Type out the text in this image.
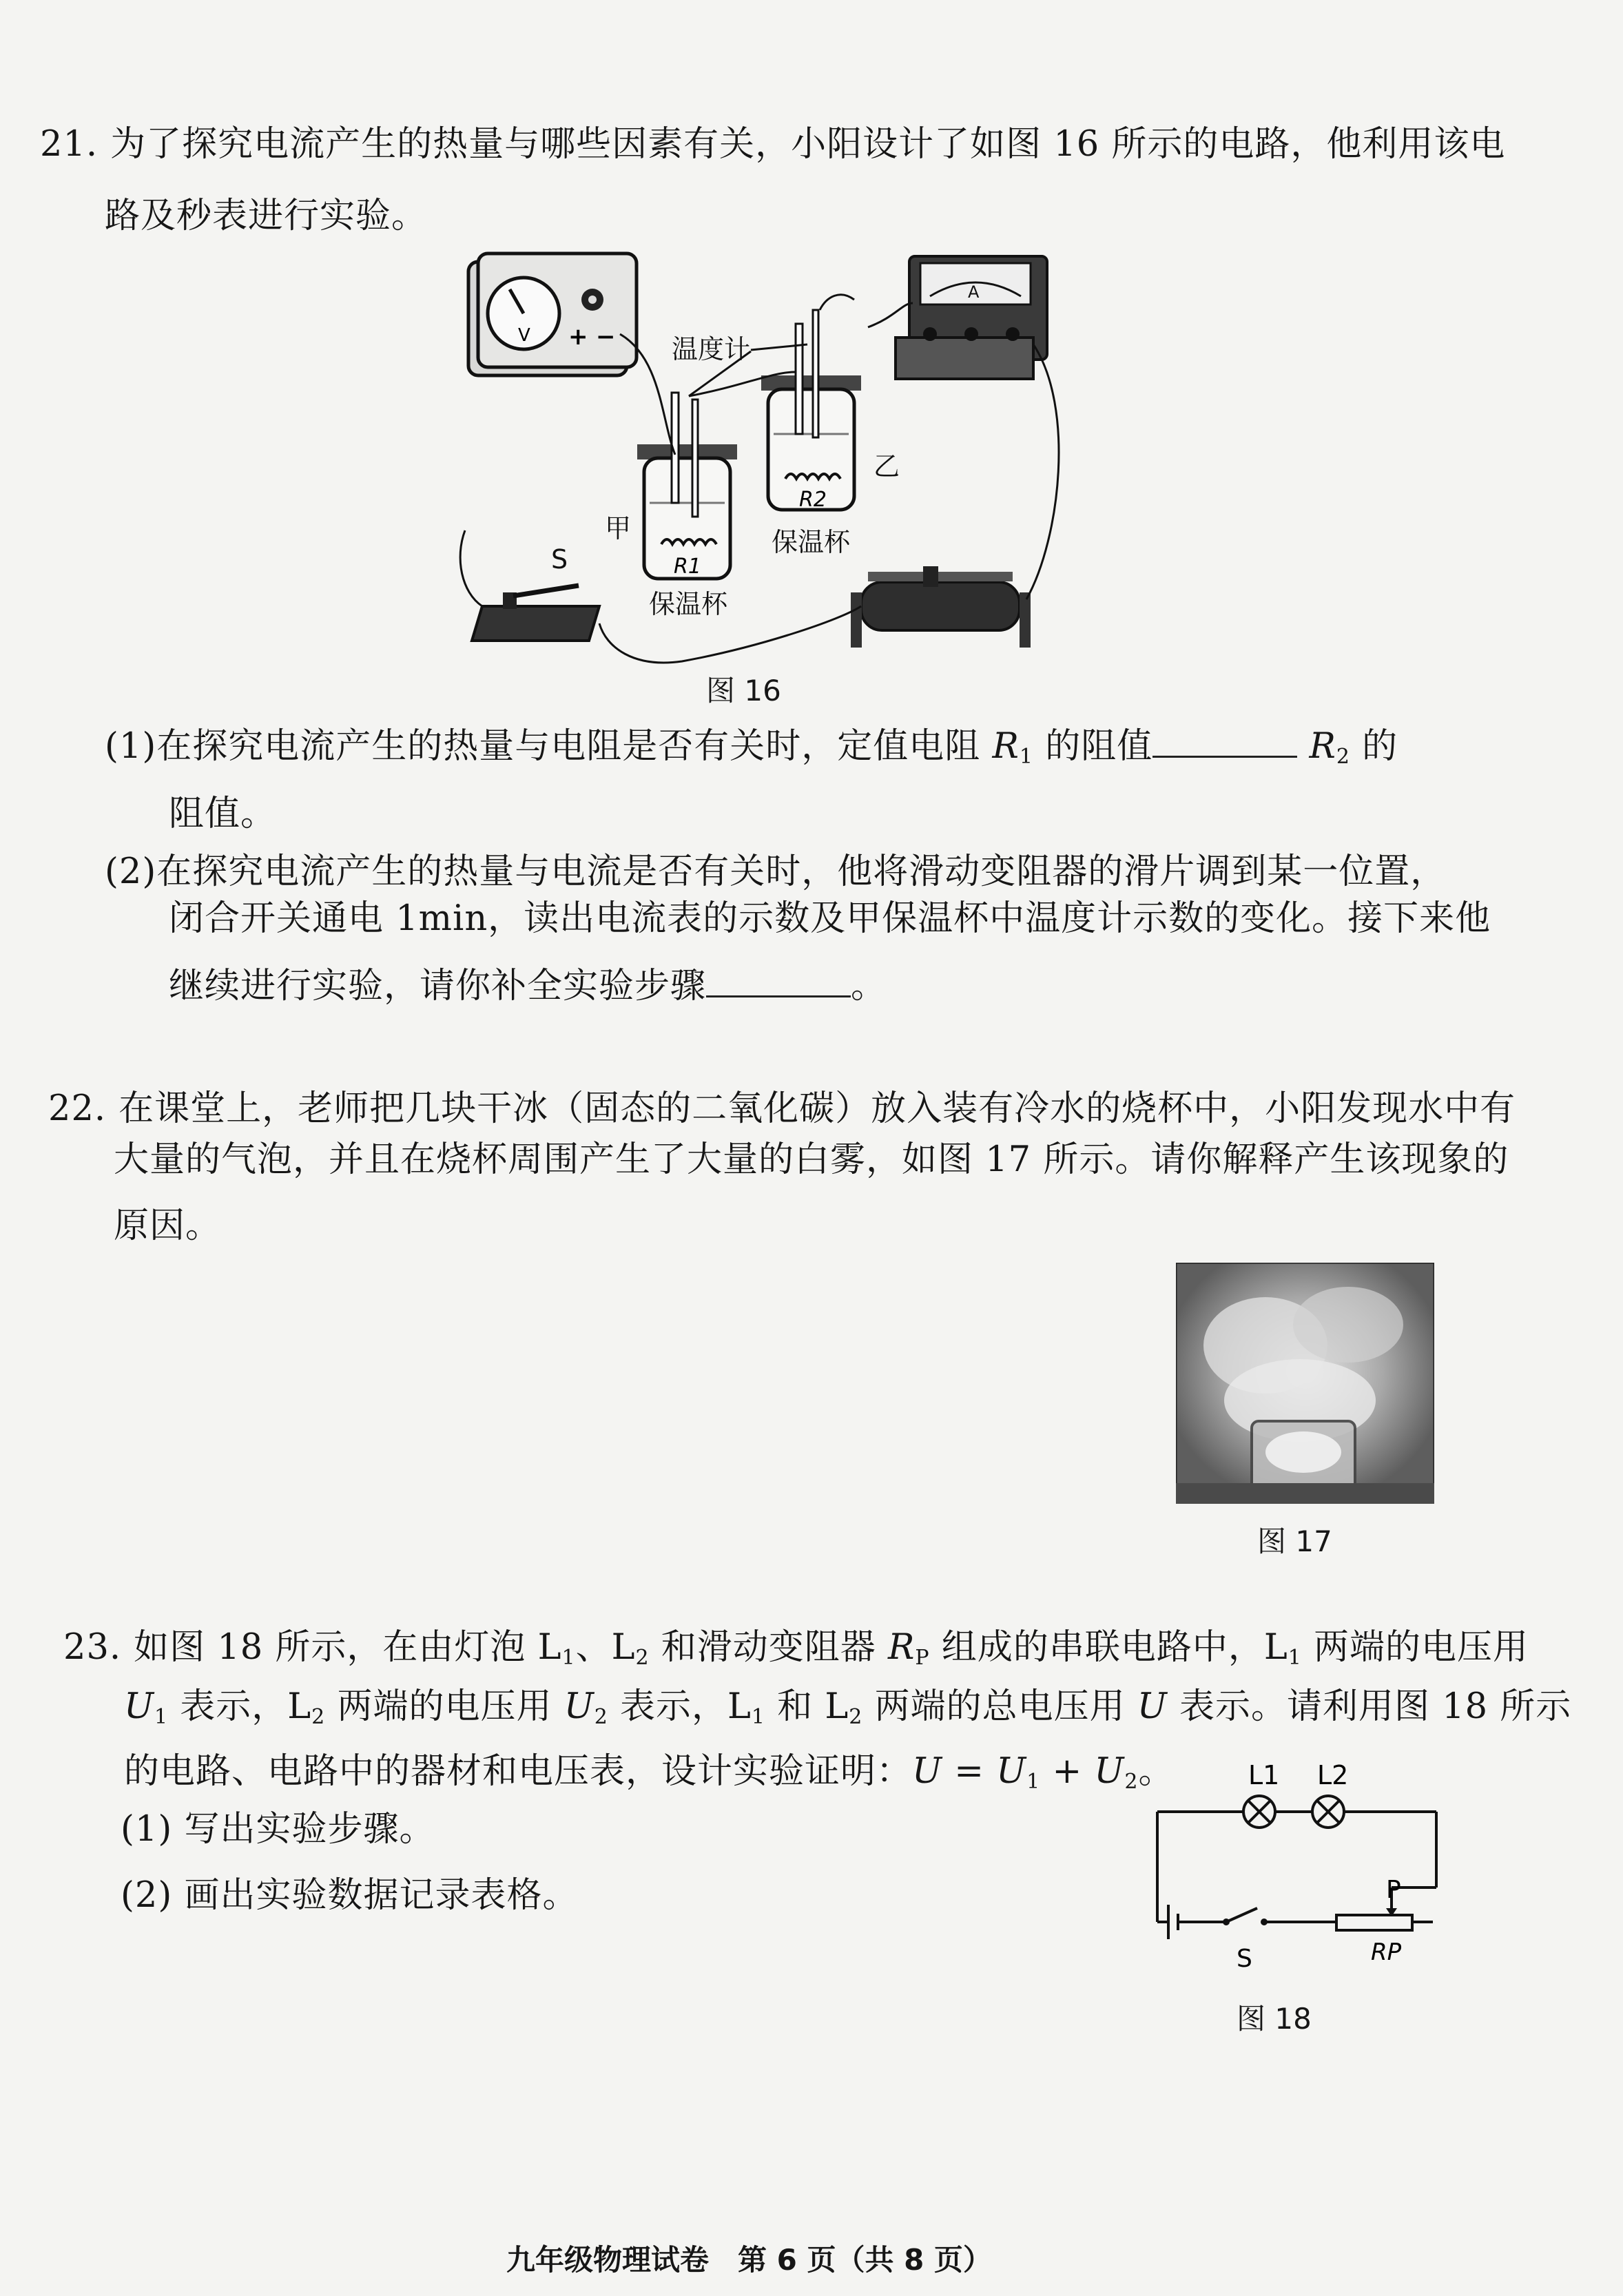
21. 为了探究电流产生的热量与哪些因素有关，小阳设计了如图 16 所示的电路，他利用该电
路及秒表进行实验。
V + −
A
R1
保温杯
甲
R2
保温杯
乙
温度计
S
图 16
(1)在探究电流产生的热量与电阻是否有关时，定值电阻 $R_1$ 的阻值	$R_2$ 的
阻值。
(2)在探究电流产生的热量与电流是否有关时，他将滑动变阻器的滑片调到某一位置，
闭合开关通电 1min，读出电流表的示数及甲保温杯中温度计示数的变化。接下来他
继续进行实验，请你补全实验步骤	。
22. 在课堂上，老师把几块干冰（固态的二氧化碳）放入装有冷水的烧杯中，小阳发现水中有
大量的气泡，并且在烧杯周围产生了大量的白雾，如图 17 所示。请你解释产生该现象的
原因。
图 17
23. 如图 18 所示，在由灯泡 $L_1$、$L_2$ 和滑动变阻器 $R_P$ 组成的串联电路中，$L_1$ 两端的电压用
$U_1$ 表示，$L_2$ 两端的电压用 $U_2$ 表示，$L_1$ 和 $L_2$ 两端的总电压用 U 表示。请利用图 18 所示
的电路、电路中的器材和电压表，设计实验证明：$U = U_1 + U_2$。
(1) 写出实验步骤。
(2) 画出实验数据记录表格。
L1 L2
P
S	RP
图 18
九年级物理试卷　第 6 页（共 8 页）
